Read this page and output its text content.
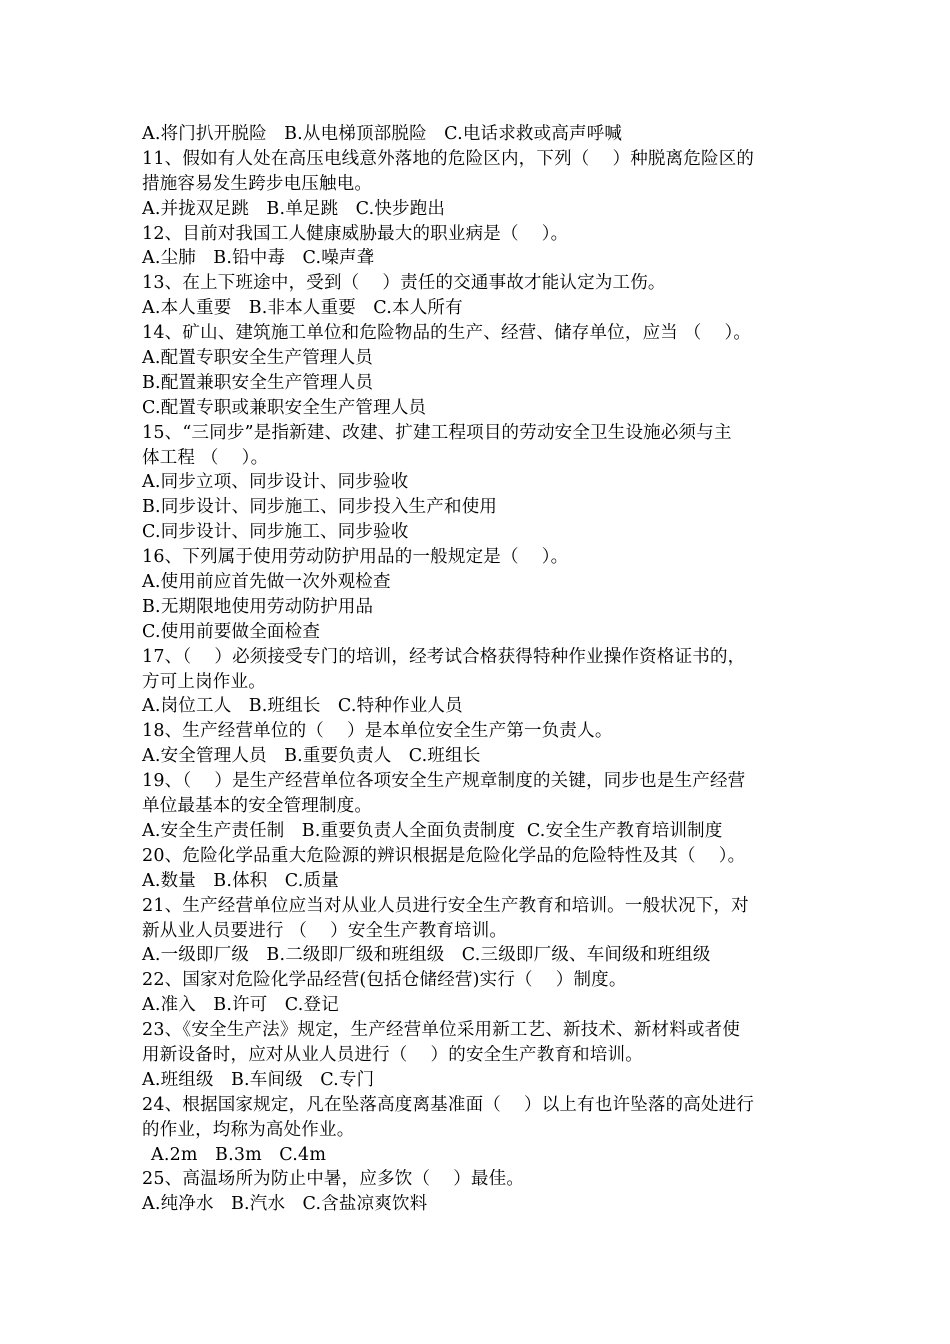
A.将门扒开脱险   B.从电梯顶部脱险   C.电话求救或高声呼喊
11、假如有人处在高压电线意外落地的危险区内，下列（    ）种脱离危险区的
措施容易发生跨步电压触电。
A.并拢双足跳   B.单足跳   C.快步跑出
12、目前对我国工人健康威胁最大的职业病是（    ）。
A.尘肺   B.铅中毒   C.噪声聋
13、在上下班途中，受到（    ）责任的交通事故才能认定为工伤。
A.本人重要   B.非本人重要   C.本人所有
14、矿山、建筑施工单位和危险物品的生产、经营、储存单位，应当 （    ）。
A.配置专职安全生产管理人员
B.配置兼职安全生产管理人员
C.配置专职或兼职安全生产管理人员
15、“三同步”是指新建、改建、扩建工程项目的劳动安全卫生设施必须与主
体工程 （    ）。
A.同步立项、同步设计、同步验收
B.同步设计、同步施工、同步投入生产和使用
C.同步设计、同步施工、同步验收
16、下列属于使用劳动防护用品的一般规定是（    ）。
A.使用前应首先做一次外观检查
B.无期限地使用劳动防护用品
C.使用前要做全面检查
17、（    ）必须接受专门的培训，经考试合格获得特种作业操作资格证书的，
方可上岗作业。
A.岗位工人   B.班组长   C.特种作业人员
18、生产经营单位的（    ）是本单位安全生产第一负责人。
A.安全管理人员   B.重要负责人   C.班组长
19、（    ）是生产经营单位各项安全生产规章制度的关键，同步也是生产经营
单位最基本的安全管理制度。
A.安全生产责任制   B.重要负责人全面负责制度  C.安全生产教育培训制度
20、危险化学品重大危险源的辨识根据是危险化学品的危险特性及其（    ）。
A.数量   B.体积   C.质量
21、生产经营单位应当对从业人员进行安全生产教育和培训。一般状况下，对
新从业人员要进行 （    ）安全生产教育培训。
A.一级即厂级   B.二级即厂级和班组级   C.三级即厂级、车间级和班组级
22、国家对危险化学品经营(包括仓储经营)实行（    ）制度。
A.准入   B.许可   C.登记
23、《安全生产法》规定，生产经营单位采用新工艺、新技术、新材料或者使
用新设备时，应对从业人员进行（    ）的安全生产教育和培训。
A.班组级   B.车间级   C.专门
24、根据国家规定，凡在坠落高度离基准面（    ）以上有也许坠落的高处进行
的作业，均称为高处作业。
A.2m   B.3m   C.4m
25、高温场所为防止中暑，应多饮（    ）最佳。
A.纯净水   B.汽水   C.含盐凉爽饮料
